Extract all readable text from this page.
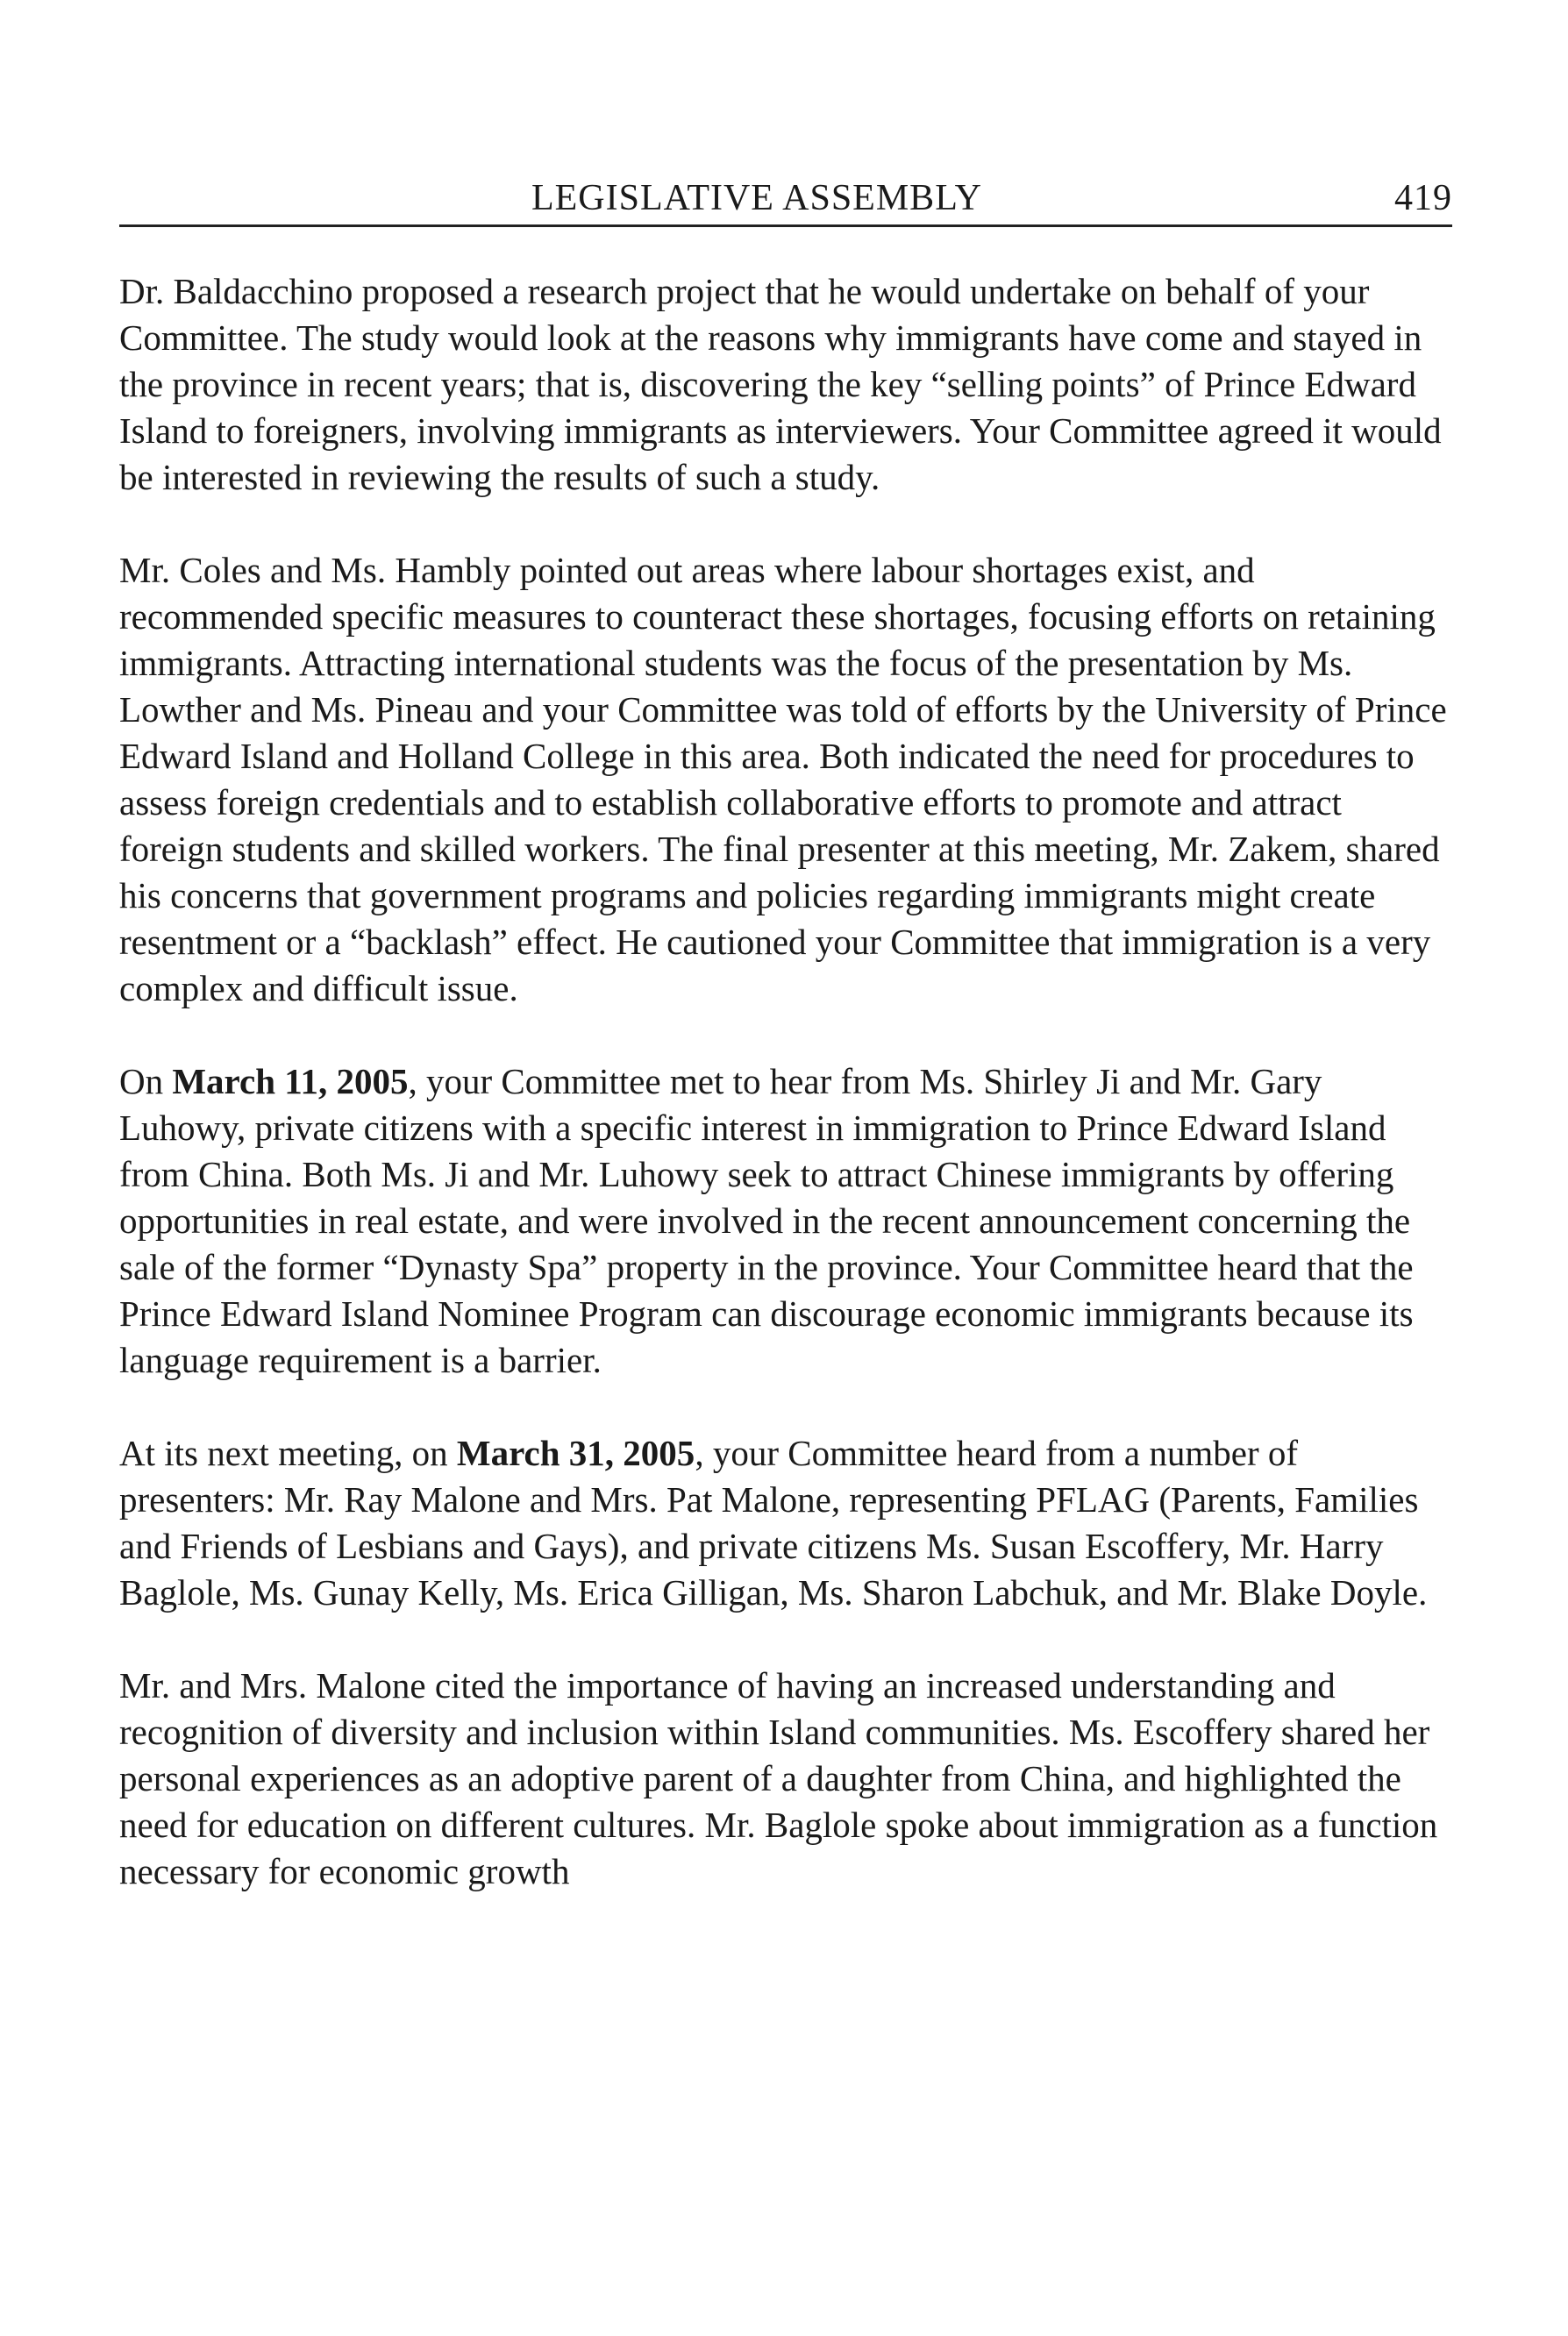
LEGISLATIVE ASSEMBLY	419

Dr. Baldacchino proposed a research project that he would undertake on behalf of your Committee. The study would look at the reasons why immigrants have come and stayed in the province in recent years; that is, discovering the key “selling points” of Prince Edward Island to foreigners, involving immigrants as interviewers. Your Committee agreed it would be interested in reviewing the results of such a study.

Mr. Coles and Ms. Hambly pointed out areas where labour shortages exist, and recommended specific measures to counteract these shortages, focusing efforts on retaining immigrants. Attracting international students was the focus of the presentation by Ms. Lowther and Ms. Pineau and your Committee was told of efforts by the University of Prince Edward Island and Holland College in this area. Both indicated the need for procedures to assess foreign credentials and to establish collaborative efforts to promote and attract foreign students and skilled workers. The final presenter at this meeting, Mr. Zakem, shared his concerns that government programs and policies regarding immigrants might create resentment or a “backlash” effect. He cautioned your Committee that immigration is a very complex and difficult issue.

On March 11, 2005, your Committee met to hear from Ms. Shirley Ji and Mr. Gary Luhowy, private citizens with a specific interest in immigration to Prince Edward Island from China. Both Ms. Ji and Mr. Luhowy seek to attract Chinese immigrants by offering opportunities in real estate, and were involved in the recent announcement concerning the sale of the former “Dynasty Spa” property in the province. Your Committee heard that the Prince Edward Island Nominee Program can discourage economic immigrants because its language requirement is a barrier.

At its next meeting, on March 31, 2005, your Committee heard from a number of presenters: Mr. Ray Malone and Mrs. Pat Malone, representing PFLAG (Parents, Families and Friends of Lesbians and Gays), and private citizens Ms. Susan Escoffery, Mr. Harry Baglole, Ms. Gunay Kelly, Ms. Erica Gilligan, Ms. Sharon Labchuk, and Mr. Blake Doyle.

Mr. and Mrs. Malone cited the importance of having an increased understanding and recognition of diversity and inclusion within Island communities. Ms. Escoffery shared her personal experiences as an adoptive parent of a daughter from China, and highlighted the need for education on different cultures. Mr. Baglole spoke about immigration as a function necessary for economic growth
